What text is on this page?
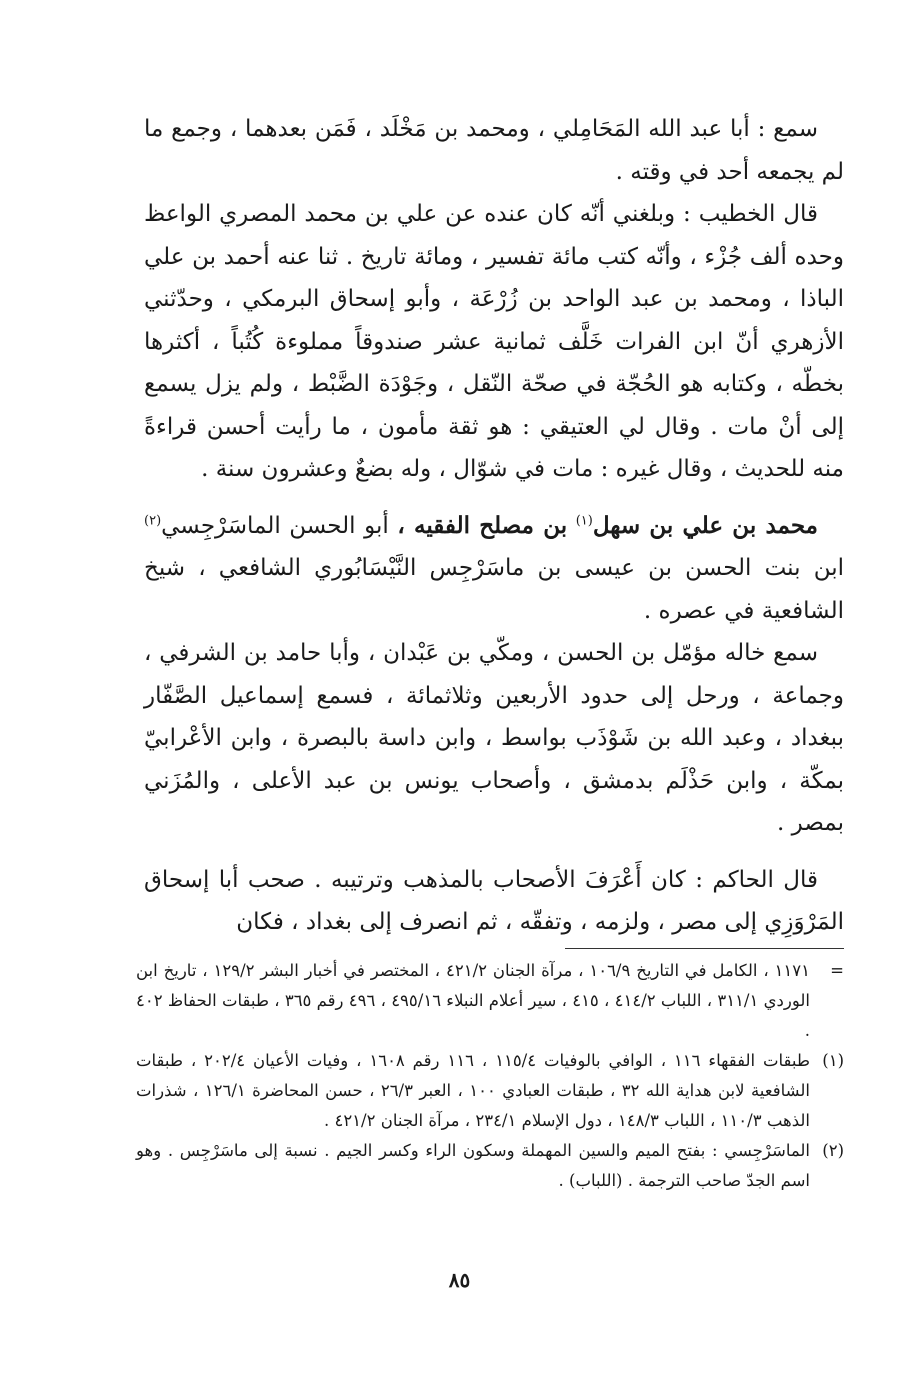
سمع : أبا عبد الله المَحَامِلي ، ومحمد بن مَخْلَد ، فَمَن بعدهما ، وجمع ما لم يجمعه أحد في وقته .

قال الخطيب : وبلغني أنّه كان عنده عن علي بن محمد المصري الواعظ وحده ألف جُزْء ، وأنّه كتب مائة تفسير ، ومائة تاريخ . ثنا عنه أحمد بن علي الباذا ، ومحمد بن عبد الواحد بن زُرْعَة ، وأبو إسحاق البرمكي ، وحدّثني الأزهري أنّ ابن الفرات خَلَّف ثمانية عشر صندوقاً مملوءة كُتُباً ، أكثرها بخطّه ، وكتابه هو الحُجّة في صحّة النّقل ، وجَوْدَة الضَّبْط ، ولم يزل يسمع إلى أنْ مات . وقال لي العتيقي : هو ثقة مأمون ، ما رأيت أحسن قراءةً منه للحديث ، وقال غيره : مات في شوّال ، وله بضعٌ وعشرون سنة .

محمد بن علي بن سهل$^{(١)}$ بن مصلح الفقيه ، أبو الحسن الماسَرْجِسي$^{(٢)}$ ابن بنت الحسن بن عيسى بن ماسَرْجِس النَّيْسَابُوري الشافعي ، شيخ الشافعية في عصره .

سمع خاله مؤمّل بن الحسن ، ومكّي بن عَبْدان ، وأبا حامد بن الشرفي ، وجماعة ، ورحل إلى حدود الأربعين وثلاثمائة ، فسمع إسماعيل الصَّفّار ببغداد ، وعبد الله بن شَوْذَب بواسط ، وابن داسة بالبصرة ، وابن الأعْرابيّ بمكّة ، وابن حَذْلَم بدمشق ، وأصحاب يونس بن عبد الأعلى ، والمُزَني بمصر .

قال الحاكم : كان أَعْرَفَ الأصحاب بالمذهب وترتيبه . صحب أبا إسحاق المَرْوَزِي إلى مصر ، ولزمه ، وتفقّه ، ثم انصرف إلى بغداد ، فكان

=
١١٧١ ، الكامل في التاريخ ١٠٦/٩ ، مرآة الجنان ٤٢١/٢ ، المختصر في أخبار البشر ١٢٩/٢ ، تاريخ ابن الوردي ٣١١/١ ، اللباب ٤١٤/٢ ، ٤١٥ ، سير أعلام النبلاء ٤٩٥/١٦ ، ٤٩٦ رقم ٣٦٥ ، طبقات الحفاظ ٤٠٢ .
(١)
طبقات الفقهاء ١١٦ ، الوافي بالوفيات ١١٥/٤ ، ١١٦ رقم ١٦٠٨ ، وفيات الأعيان ٢٠٢/٤ ، طبقات الشافعية لابن هداية الله ٣٢ ، طبقات العبادي ١٠٠ ، العبر ٢٦/٣ ، حسن المحاضرة ١٢٦/١ ، شذرات الذهب ١١٠/٣ ، اللباب ١٤٨/٣ ، دول الإسلام ٢٣٤/١ ، مرآة الجنان ٤٢١/٢ .
(٢)
الماسَرْجِسي : بفتح الميم والسين المهملة وسكون الراء وكسر الجيم . نسبة إلى ماسَرْجِس . وهو اسم الجدّ صاحب الترجمة . (اللباب) .
٨٥
